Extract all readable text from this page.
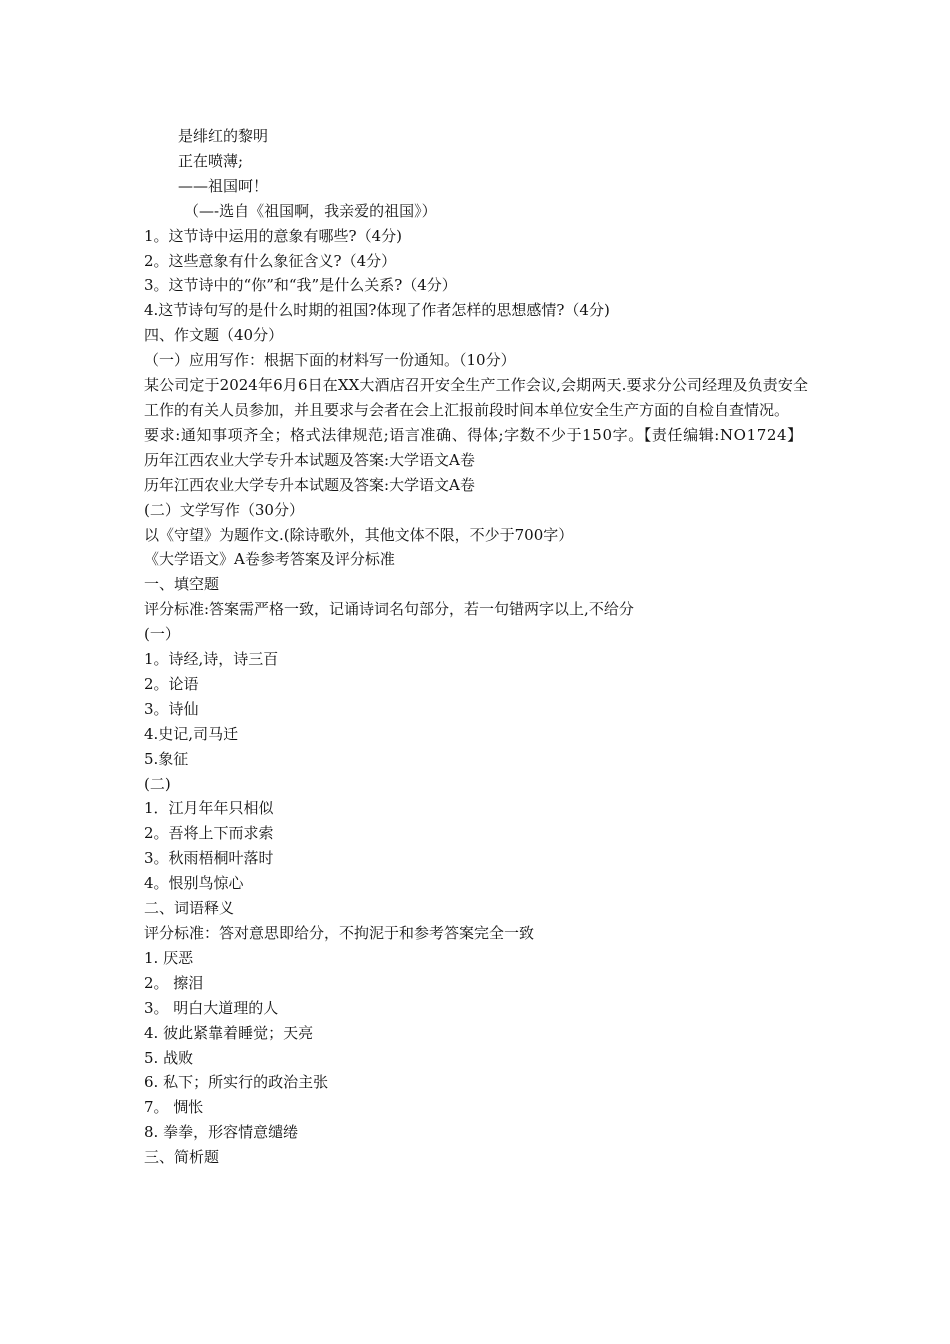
是绯红的黎明

正在喷薄;

——祖国呵！

（—-选自《祖国啊，我亲爱的祖国》）

1。这节诗中运用的意象有哪些?（4分)

2。这些意象有什么象征含义?（4分）

3。这节诗中的“你”和“我”是什么关系?（4分）

4.这节诗句写的是什么时期的祖国?体现了作者怎样的思想感情?（4分)

四、作文题（40分）

（一）应用写作：根据下面的材料写一份通知。（10分）

某公司定于2024年6月6日在XX大酒店召开安全生产工作会议,会期两天.要求分公司经理及负责安全工作的有关人员参加，并且要求与会者在会上汇报前段时间本单位安全生产方面的自检自查情况。

要求:通知事项齐全；格式法律规范;语言准确、得体;字数不少于150字。【责任编辑:NO1724】

历年江西农业大学专升本试题及答案:大学语文A卷

历年江西农业大学专升本试题及答案:大学语文A卷

(二）文学写作（30分）

以《守望》为题作文.(除诗歌外，其他文体不限，不少于700字）

《大学语文》A卷参考答案及评分标准

一、填空题

评分标准:答案需严格一致，记诵诗词名句部分，若一句错两字以上,不给分

(一）

1。诗经,诗，诗三百

2。论语

3。诗仙

4.史记,司马迁

5.象征

(二)

1．江月年年只相似

2。吾将上下而求索

3。秋雨梧桐叶落时

4。恨别鸟惊心

二、词语释义

评分标准：答对意思即给分，不拘泥于和参考答案完全一致

1. 厌恶

2。 擦泪

3。 明白大道理的人

4. 彼此紧靠着睡觉；天亮

5. 战败

6. 私下；所实行的政治主张

7。 惆怅

8. 拳拳，形容情意缱绻

三、简析题
